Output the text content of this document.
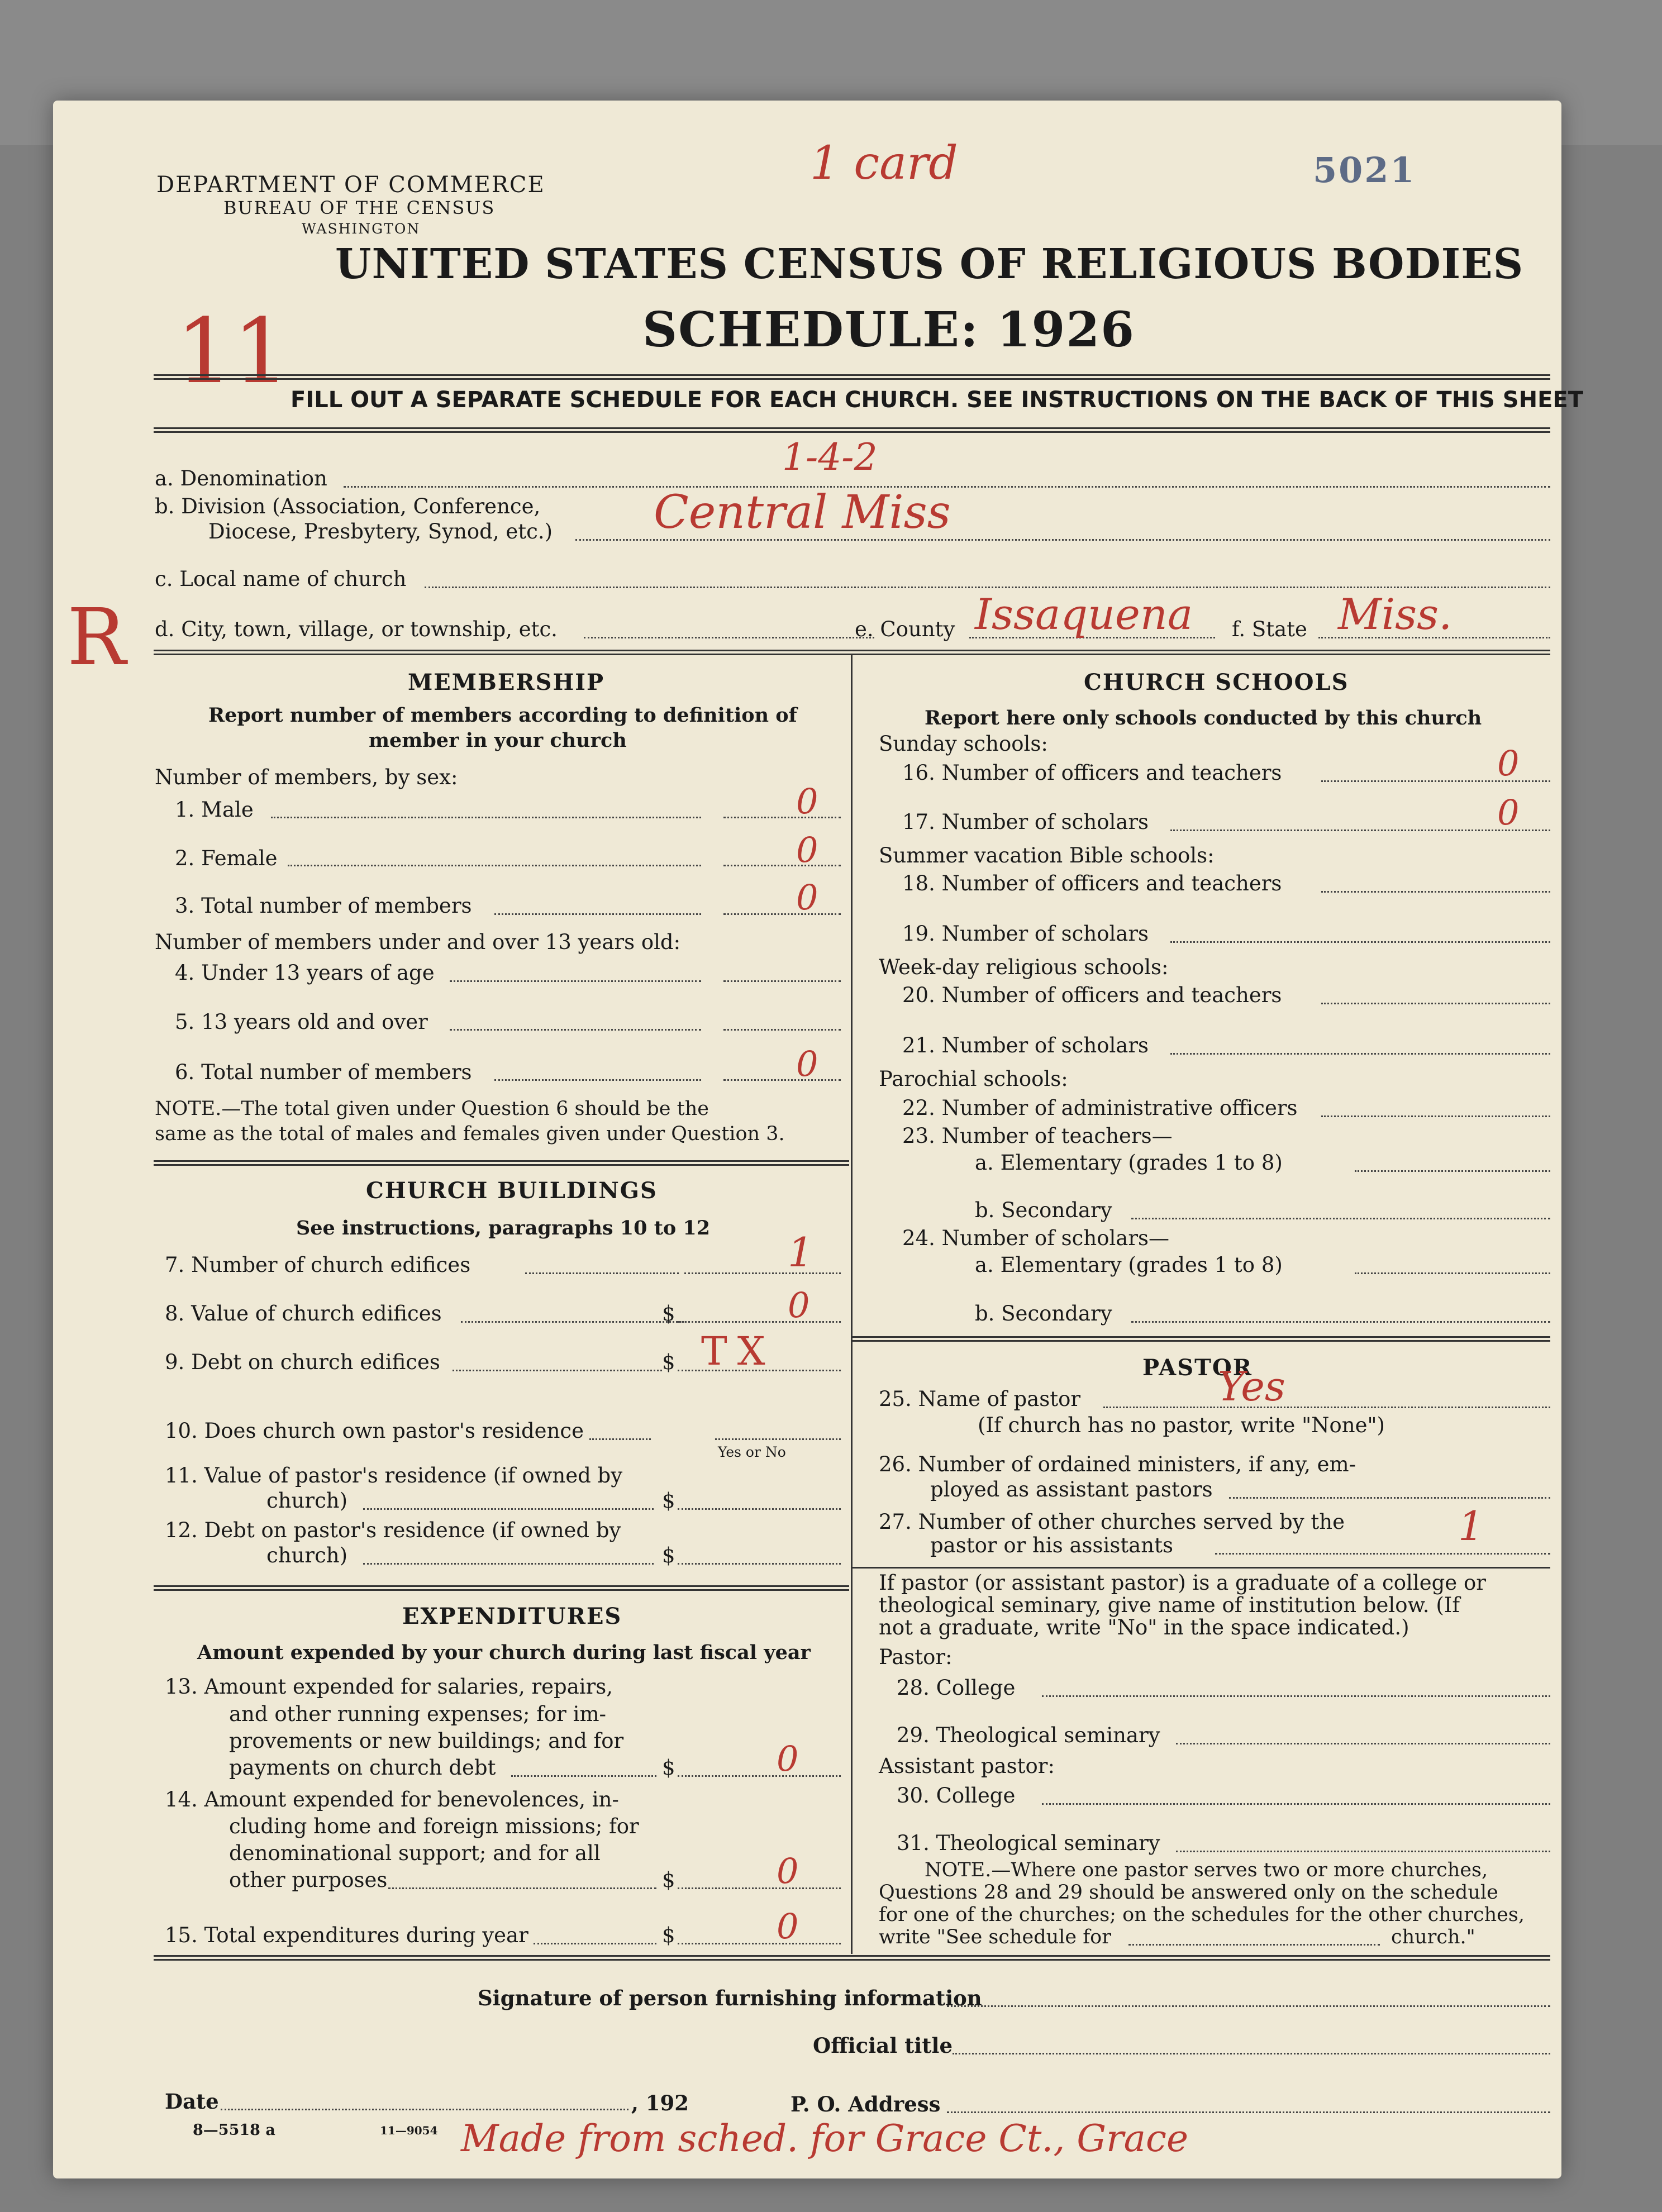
DEPARTMENT OF COMMERCE
BUREAU OF THE CENSUS
WASHINGTON
5021
1 card
UNITED STATES CENSUS OF RELIGIOUS BODIES
SCHEDULE: 1926
11 FILL OUT A SEPARATE SCHEDULE FOR EACH CHURCH. SEE INSTRUCTIONS ON THE BACK OF THIS SHEET
a. Denomination	1-4-2
b. Division (Association, Conference,
Diocese, Presbytery, Synod, etc.) Central Miss
c. Local name of church
R d. City, town, village, or township, etc.	e. County Issaquena f. State Miss.
MEMBERSHIP
Report number of members according to definition of
member in your church
Number of members, by sex:
1. Male	0
2. Female	0
3. Total number of members	0
Number of members under and over 13 years old:
4. Under 13 years of age
5. 13 years old and over
6. Total number of members	0
NOTE.—The total given under Question 6 should be the
same as the total of males and females given under Question 3.
CHURCH BUILDINGS
See instructions, paragraphs 10 to 12
7. Number of church edifices	1
8. Value of church edifices	$	0
9. Debt on church edifices	$ TX
10. Does church own pastor's residence
Yes or No
11. Value of pastor's residence (if owned by
church)	$
12. Debt on pastor's residence (if owned by
church)	$
EXPENDITURES
Amount expended by your church during last fiscal year
13. Amount expended for salaries, repairs,
and other running expenses; for im-
provements or new buildings; and for
payments on church debt	$	0
14. Amount expended for benevolences, in-
cluding home and foreign missions; for
denominational support; and for all
other purposes	$	0
15. Total expenditures during year	$	0
CHURCH SCHOOLS
Report here only schools conducted by this church
Sunday schools:
16. Number of officers and teachers	0
17. Number of scholars	0
Summer vacation Bible schools:
18. Number of officers and teachers
19. Number of scholars
Week-day religious schools:
20. Number of officers and teachers
21. Number of scholars
Parochial schools:
22. Number of administrative officers
23. Number of teachers—
a. Elementary (grades 1 to 8)
b. Secondary
24. Number of scholars—
a. Elementary (grades 1 to 8)
b. Secondary
PASTOR
25. Name of pastor	Yes
(If church has no pastor, write "None")
26. Number of ordained ministers, if any, em-
ployed as assistant pastors
27. Number of other churches served by the
pastor or his assistants	1
If pastor (or assistant pastor) is a graduate of a college or
theological seminary, give name of institution below. (If
not a graduate, write "No" in the space indicated.)
Pastor:
28. College
29. Theological seminary
Assistant pastor:
30. College
31. Theological seminary
NOTE.—Where one pastor serves two or more churches,
Questions 28 and 29 should be answered only on the schedule
for one of the churches; on the schedules for the other churches,
write "See schedule for	church."
Signature of person furnishing information
Official title
Date	, 192	P. O. Address
8—5518 a	11—9054 Made from sched. for Grace Ct., Grace
